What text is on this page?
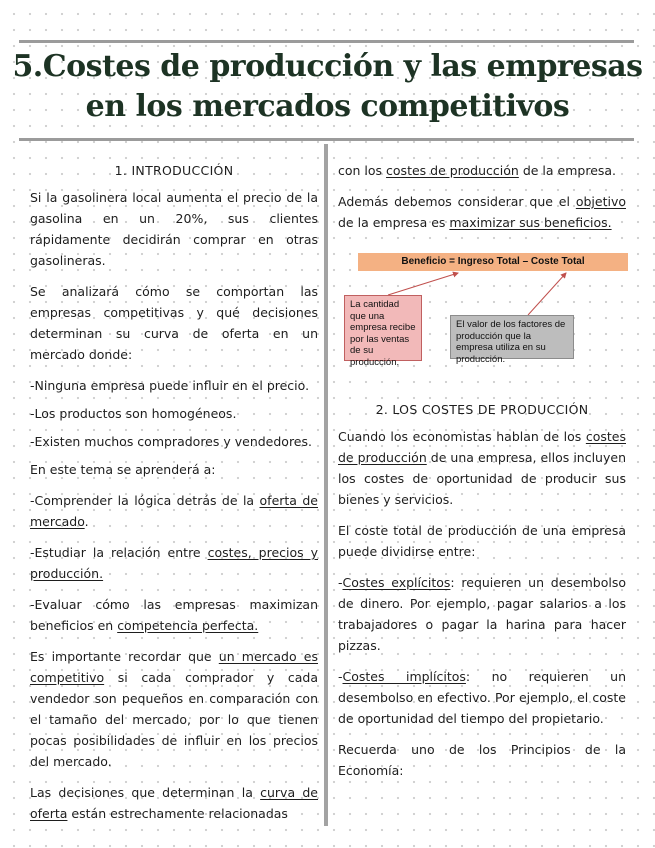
5.Costes de producción y las empresas
en los mercados competitivos
1. INTRODUCCIÓN

Si la gasolinera local aumenta el precio de la gasolina en un 20%, sus clientes rápidamente decidirán comprar en otras gasolineras.

Se analizará cómo se comportan las empresas competitivas y qué decisiones determinan su curva de oferta en un mercado donde:

-Ninguna empresa puede influir en el precio.

-Los productos son homogéneos.

-Existen muchos compradores y vendedores.

En este tema se aprenderá a:

-Comprender la lógica detrás de la oferta de mercado.

-Estudiar la relación entre costes, precios y producción.

-Evaluar cómo las empresas maximizan beneficios en competencia perfecta.

Es importante recordar que un mercado es competitivo si cada comprador y cada vendedor son pequeños en comparación con el tamaño del mercado, por lo que tienen pocas posibilidades de influir en los precios del mercado.

Las decisiones que determinan la curva de oferta están estrechamente relacionadas

con los costes de producción de la empresa.

Además debemos considerar que el objetivo de la empresa es maximizar sus beneficios.

Beneficio = Ingreso Total – Coste Total
La cantidad que una empresa recibe por las ventas de su producción.
El valor de los factores de producción que la empresa utiliza en su producción.
2. LOS COSTES DE PRODUCCIÓN

Cuando los economistas hablan de los costes de producción de una empresa, ellos incluyen los costes de oportunidad de producir sus bienes y servicios.

El coste total de producción de una empresa puede dividirse entre:

-Costes explícitos: requieren un desembolso de dinero. Por ejemplo, pagar salarios a los trabajadores o pagar la harina para hacer pizzas.

-Costes implícitos: no requieren un desembolso en efectivo. Por ejemplo, el coste de oportunidad del tiempo del propietario.

Recuerda uno de los Principios de la Economía:
